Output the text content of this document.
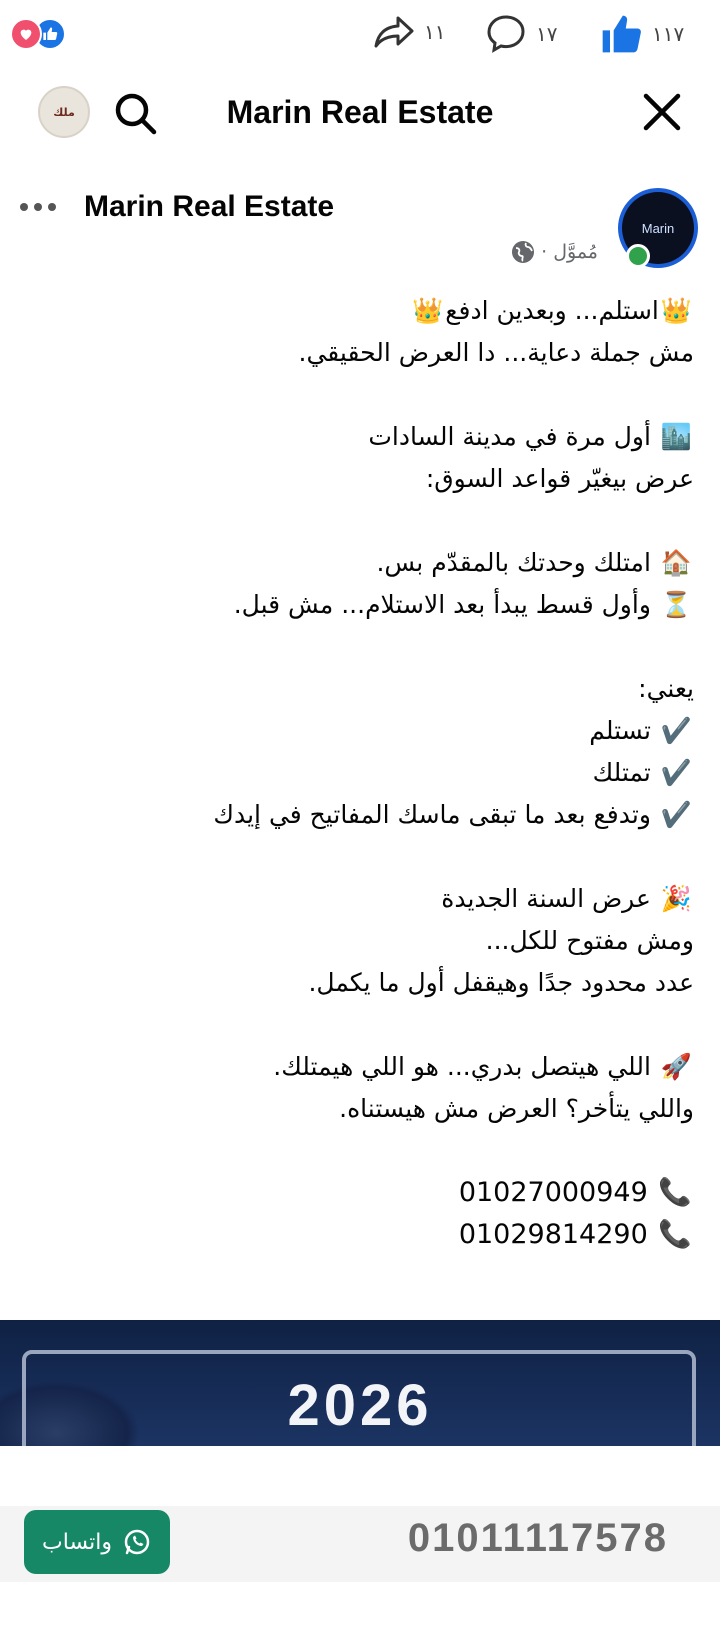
١١	١٧	١١٧
ملك	Marin Real Estate
Marin Real Estate
مُموَّل
·
Marin
👑استلم... وبعدين ادفع👑
مش جملة دعاية... دا العرض الحقيقي.
🏙️ أول مرة في مدينة السادات
عرض بيغيّر قواعد السوق:
🏠 امتلك وحدتك بالمقدّم بس.
⏳ وأول قسط يبدأ بعد الاستلام... مش قبل.
يعني:
✔️ تستلم
✔️ تمتلك
✔️ وتدفع بعد ما تبقى ماسك المفاتيح في إيدك
🎉 عرض السنة الجديدة
ومش مفتوح للكل...
عدد محدود جدًا وهيقفل أول ما يكمل.
🚀 اللي هيتصل بدري... هو اللي هيمتلك.
واللي يتأخر؟ العرض مش هيستناه.
01027000949 📞
01029814290 📞
2026
واتساب	01011117578
